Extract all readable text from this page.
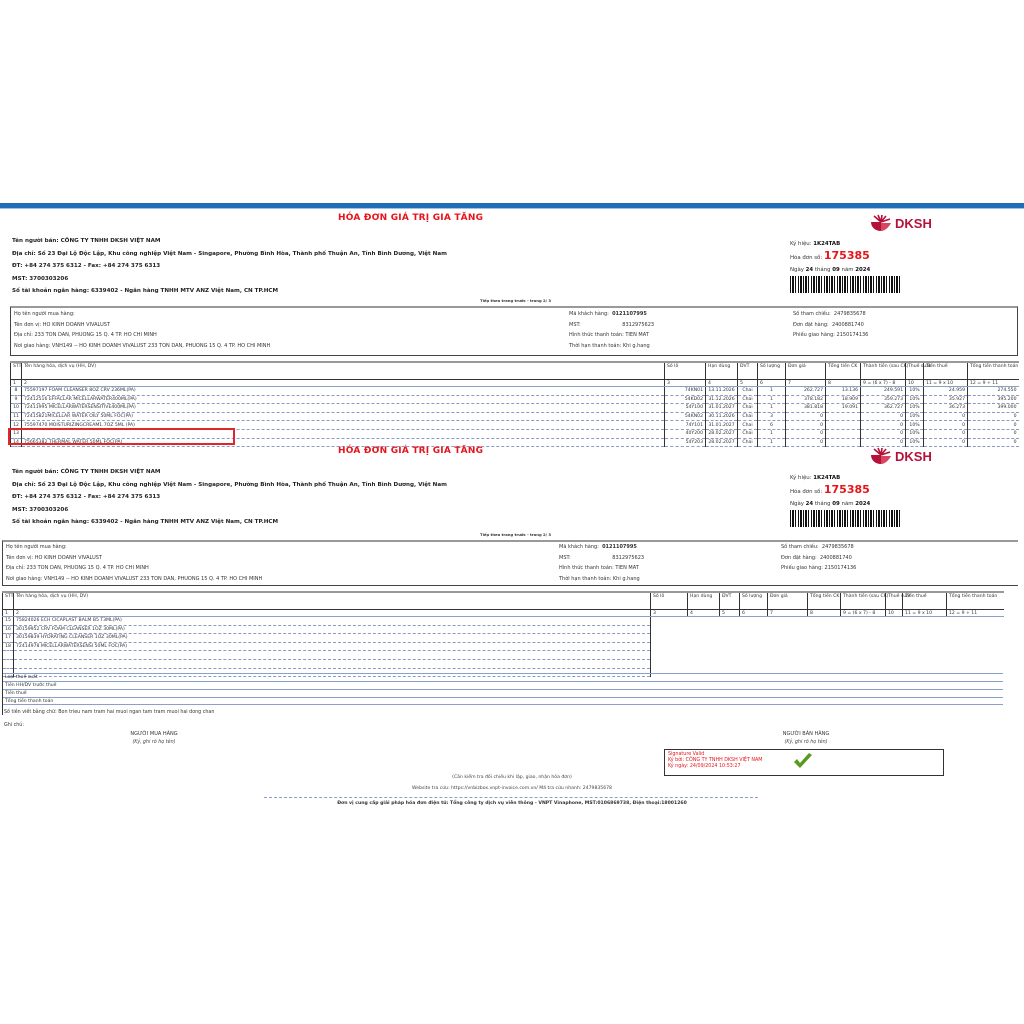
HÓA ĐƠN GIÁ TRỊ GIA TĂNG
Tên người bán: CÔNG TY TNHH DKSH VIỆT NAM
Địa chỉ: Số 23 Đại Lộ Độc Lập, Khu công nghiệp Việt Nam - Singapore, Phường Bình Hòa, Thành phố Thuận An, Tỉnh Bình Dương, Việt Nam
ĐT: +84 274 375 6312 - Fax: +84 274 375 6313
MST: 3700303206
Số tài khoản ngân hàng: 6339402 - Ngân hàng TNHH MTV ANZ Việt Nam, CN TP.HCM
DKSH
Ký hiệu: 1K24TAB
Hóa đơn số: 175385
Ngày 24 tháng 09 năm 2024
Tiếp theo trang trước - trang 2/ 3
Họ tên người mua hàng:
Tên đơn vị: HO KINH DOANH VIVALUST
Địa chỉ: 233 TON DAN, PHUONG 15 Q. 4 TP. HO CHI MINH
Nơi giao hàng: VNH149 -- HO KINH DOANH VIVALUST 233 TON DAN, PHUONG 15 Q. 4 TP. HO CHI MINH
Mã khách hàng: 0121107995
MST:	8312975623
Hình thức thanh toán: TIEN MAT
Thời hạn thanh toán: Khi g.hang
Số tham chiếu: 2479835678
Đơn đặt hàng: 2400881740
Phiếu giao hàng: 2150174136
STT	Tên hàng hóa, dịch vụ (HH, DV)	Số lô	Hạn dùng	ĐVT	Số lượng	Đơn giá	Tổng tiền CK	Thành tiền (sau CK)	Thuế suất	Tiền thuế	Tổng tiền thanh toán
1	2	3	4	5	6	7	8	9 = (6 x 7) - 8	10	11 = 9 x 10	12 = 9 + 11
8	75597197 FOAM CLEANSER 8OZ CRV 236ML(PA)	74KN01	13.11.2026	Chai	1	262.727	13.136	249.591	10%	24.959	274.550
9	72412516 EFFACLAR MICELLARWATER400ML(PA)	54KD02	31.12.2026	Chai	1	378.182	18.909	359.273	10%	35.927	395.200
10	72411995 MICELLARWATERSENSITIVE400ML(PA)	54Y100	31.01.2027	Chai	1	381.818	19.091	362.727	10%	36.273	399.000
11	72415821MICELLAR WATER OILY 50ML FOC(PA)	54KN02	30.11.2026	Chai	3	0		0	10%	0	0
12	75597470 MOISTURIZINGCREAM1.7OZ 5ML (PA)	74Y101	31.01.2027	Chai	6	0		0	10%	0	0
13		40Y200	28.02.2027	Chai	1	0		0	10%	0	0
14	75665382 THERMAL WATER 50ML FOC(PA)	54Y203	28.02.2027	Chai	1	0		0	10%	0	0
HÓA ĐƠN GIÁ TRỊ GIA TĂNG
Tên người bán: CÔNG TY TNHH DKSH VIỆT NAM
Địa chỉ: Số 23 Đại Lộ Độc Lập, Khu công nghiệp Việt Nam - Singapore, Phường Bình Hòa, Thành phố Thuận An, Tỉnh Bình Dương, Việt Nam
ĐT: +84 274 375 6312 - Fax: +84 274 375 6313
MST: 3700303206
Số tài khoản ngân hàng: 6339402 - Ngân hàng TNHH MTV ANZ Việt Nam, CN TP.HCM
DKSH
Ký hiệu: 1K24TAB
Hóa đơn số: 175385
Ngày 24 tháng 09 năm 2024
Tiếp theo trang trước - trang 2/ 3
Họ tên người mua hàng:
Tên đơn vị: HO KINH DOANH VIVALUST
Địa chỉ: 233 TON DAN, PHUONG 15 Q. 4 TP. HO CHI MINH
Nơi giao hàng: VNH149 -- HO KINH DOANH VIVALUST 233 TON DAN, PHUONG 15 Q. 4 TP. HO CHI MINH
Mã khách hàng: 0121107995
MST:	8312975623
Hình thức thanh toán: TIEN MAT
Thời hạn thanh toán: Khi g.hang
Số tham chiếu: 2479835678
Đơn đặt hàng: 2400881740
Phiếu giao hàng: 2150174136
STT	Tên hàng hóa, dịch vụ (HH, DV)	Số lô	Hạn dùng	ĐVT	Số lượng	Đơn giá	Tổng tiền CK	Thành tiền (sau CK)	Thuế suất	Tiền thuế	Tổng tiền thanh toán
1	2	3	4	5	6	7	8	9 = (6 x 7) - 8	10	11 = 9 x 10	12 = 9 + 11
15	75824026 ECH CICAPLAST BALM B5 T3ML(PA)										
16	30159952 CRV FOAM CLEANSER 1OZ 30ML(PA)										
17	30159839 HYDRATING CLEANSER 1OZ 30ML(PA)										
18	72414978 MICELLARWATERSENSI 50ML FOC(PA)										

Loại thuế suất
Tiền HH/DV trước thuế
Tiền thuế
Tổng tiền thanh toán
Số tiền viết bằng chữ: Bon trieu nam tram hai muoi ngan tam tram muoi hai dong chan
Ghi chú:
NGƯỜI MUA HÀNG
(Ký, ghi rõ họ tên)
NGƯỜI BÁN HÀNG
(Ký, ghi rõ họ tên)
Signature Valid
Ký bởi: CÔNG TY TNHH DKSH VIỆT NAM
Ký ngày: 24/09/2024 10:53:27
(Cần kiểm tra đối chiếu khi lập, giao, nhận hóa đơn)
Website tra cứu: https://vnbizbox.vnpt-invoice.com.vn/ Mã tra cứu nhanh: 2479835678
Đơn vị cung cấp giải pháp hóa đơn điện tử: Tổng công ty dịch vụ viễn thông - VNPT Vinaphone, MST:0106869738, Điện thoại:18001260
